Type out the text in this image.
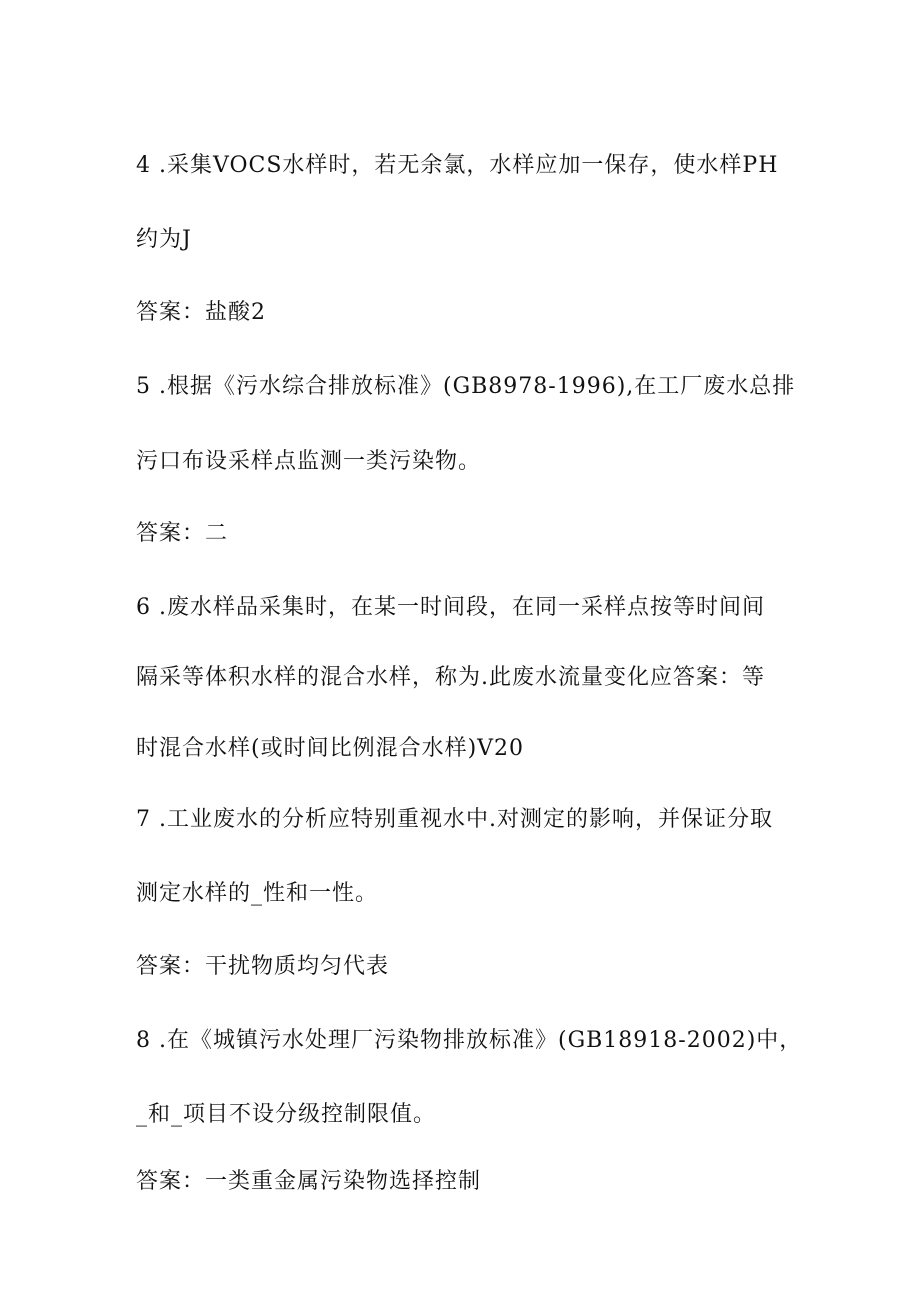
4 .采集VOCS水样时，若无余氯，水样应加一保存，使水样PH
约为J
答案：盐酸2
5 .根据《污水综合排放标准》(GB8978-1996),在工厂废水总排
污口布设采样点监测一类污染物。
答案：二
6 .废水样品采集时，在某一时间段，在同一采样点按等时间间
隔采等体积水样的混合水样，称为.此废水流量变化应答案：等
时混合水样(或时间比例混合水样)V20
7 .工业废水的分析应特别重视水中.对测定的影响，并保证分取
测定水样的_性和一性。
答案：干扰物质均匀代表
8 .在《城镇污水处理厂污染物排放标准》(GB18918-2002)中，
_和_项目不设分级控制限值。
答案：一类重金属污染物选择控制
